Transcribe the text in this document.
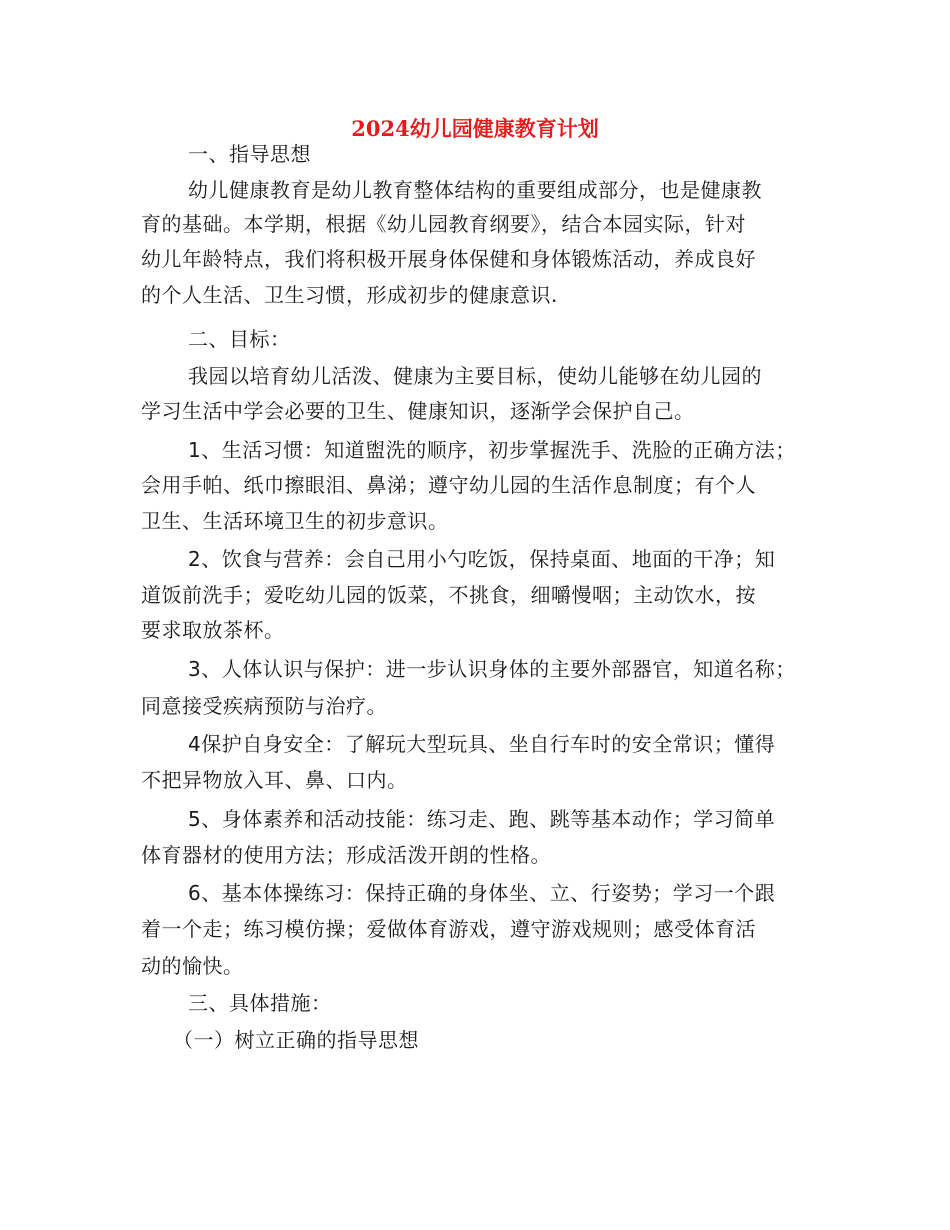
2024幼儿园健康教育计划

一、指导思想

幼儿健康教育是幼儿教育整体结构的重要组成部分，也是健康教

育的基础。本学期，根据《幼儿园教育纲要》，结合本园实际，针对

幼儿年龄特点，我们将积极开展身体保健和身体锻炼活动，养成良好

的个人生活、卫生习惯，形成初步的健康意识.

二、目标：

我园以培育幼儿活泼、健康为主要目标，使幼儿能够在幼儿园的

学习生活中学会必要的卫生、健康知识，逐渐学会保护自己。

1、生活习惯：知道盥洗的顺序，初步掌握洗手、洗脸的正确方法；

会用手帕、纸巾擦眼泪、鼻涕；遵守幼儿园的生活作息制度；有个人

卫生、生活环境卫生的初步意识。

2、饮食与营养：会自己用小勺吃饭，保持桌面、地面的干净；知

道饭前洗手；爱吃幼儿园的饭菜，不挑食，细嚼慢咽；主动饮水，按

要求取放茶杯。

3、人体认识与保护：进一步认识身体的主要外部器官，知道名称；

同意接受疾病预防与治疗。

4保护自身安全：了解玩大型玩具、坐自行车时的安全常识；懂得

不把异物放入耳、鼻、口内。

5、身体素养和活动技能：练习走、跑、跳等基本动作；学习简单

体育器材的使用方法；形成活泼开朗的性格。

6、基本体操练习：保持正确的身体坐、立、行姿势；学习一个跟

着一个走；练习模仿操；爱做体育游戏，遵守游戏规则；感受体育活

动的愉快。

三、具体措施：

（一）树立正确的指导思想
